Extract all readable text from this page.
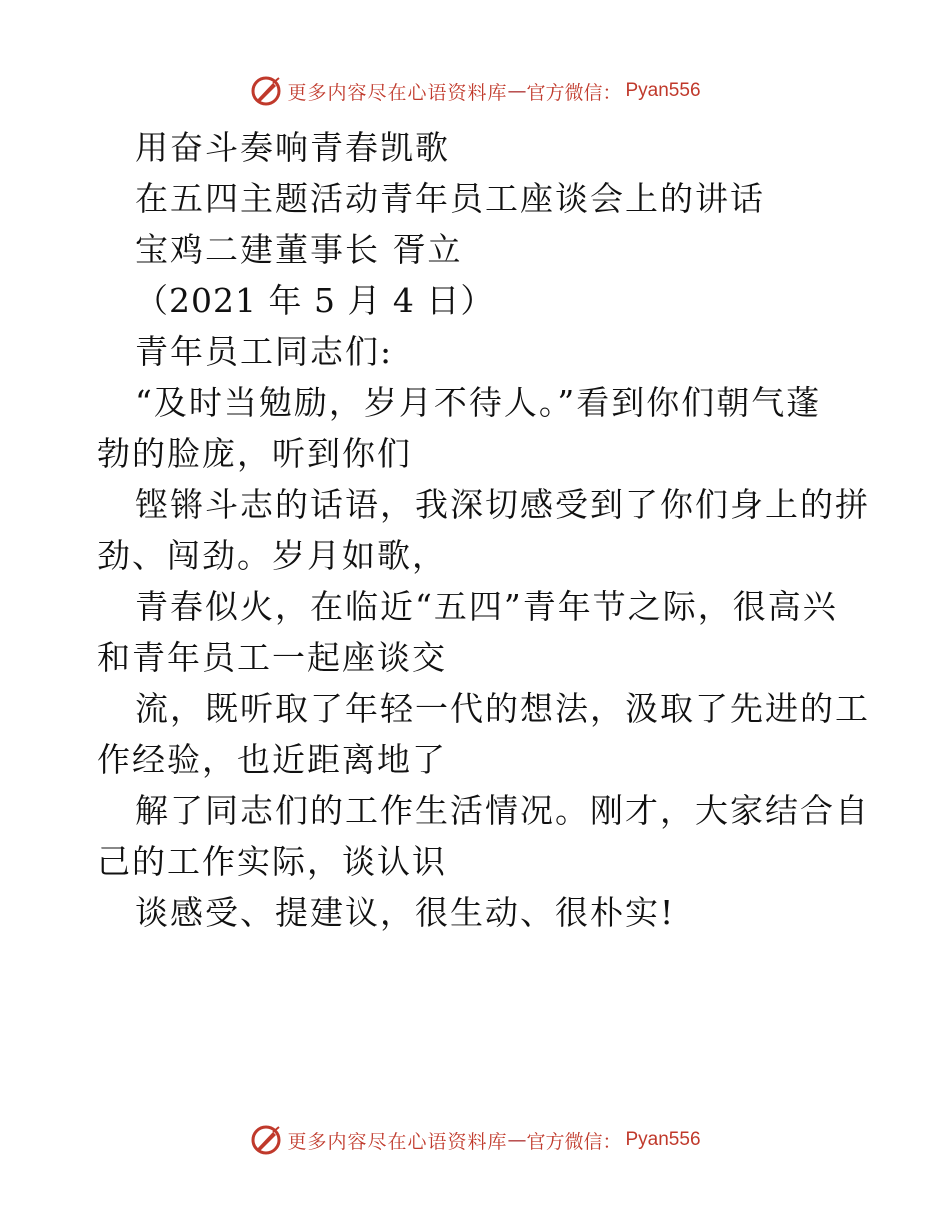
更多内容尽在心语资料库 — 官方微信： Pyan556
用奋斗奏响青春凯歌
在五四主题活动青年员工座谈会上的讲话
宝鸡二建董事长 胥立
（2021 年 5 月 4 日）
青年员工同志们:
“及时当勉励，岁月不待人。”看到你们朝气蓬
勃的脸庞，听到你们
铿锵斗志的话语，我深切感受到了你们身上的拼
劲、闯劲。岁月如歌，
青春似火，在临近“五四”青年节之际，很高兴
和青年员工一起座谈交
流，既听取了年轻一代的想法，汲取了先进的工
作经验，也近距离地了
解了同志们的工作生活情况。刚才，大家结合自
己的工作实际，谈认识
谈感受、提建议，很生动、很朴实!
更多内容尽在心语资料库 — 官方微信： Pyan556
